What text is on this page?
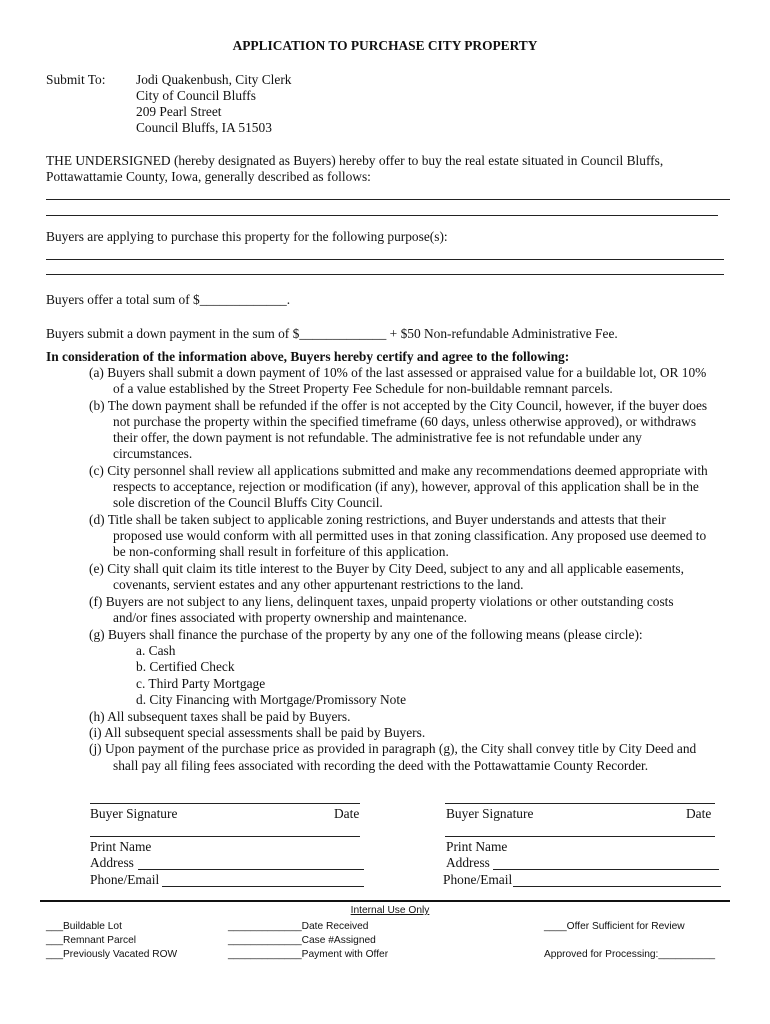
APPLICATION TO PURCHASE CITY PROPERTY
Submit To: Jodi Quakenbush, City Clerk
City of Council Bluffs
209 Pearl Street
Council Bluffs, IA 51503
THE UNDERSIGNED (hereby designated as Buyers) hereby offer to buy the real estate situated in Council Bluffs,
Pottawattamie County, Iowa, generally described as follows:
Buyers are applying to purchase this property for the following purpose(s):
Buyers offer a total sum of $_____________.
Buyers submit a down payment in the sum of $_____________ + $50 Non-refundable Administrative Fee.
In consideration of the information above, Buyers hereby certify and agree to the following:
(a) Buyers shall submit a down payment of 10% of the last assessed or appraised value for a buildable lot, OR 10%
of a value established by the Street Property Fee Schedule for non-buildable remnant parcels.
(b) The down payment shall be refunded if the offer is not accepted by the City Council, however, if the buyer does
not purchase the property within the specified timeframe (60 days, unless otherwise approved), or withdraws
their offer, the down payment is not refundable. The administrative fee is not refundable under any
circumstances.
(c) City personnel shall review all applications submitted and make any recommendations deemed appropriate with
respects to acceptance, rejection or modification (if any), however, approval of this application shall be in the
sole discretion of the Council Bluffs City Council.
(d) Title shall be taken subject to applicable zoning restrictions, and Buyer understands and attests that their
proposed use would conform with all permitted uses in that zoning classification. Any proposed use deemed to
be non-conforming shall result in forfeiture of this application.
(e) City shall quit claim its title interest to the Buyer by City Deed, subject to any and all applicable easements,
covenants, servient estates and any other appurtenant restrictions to the land.
(f) Buyers are not subject to any liens, delinquent taxes, unpaid property violations or other outstanding costs
and/or fines associated with property ownership and maintenance.
(g) Buyers shall finance the purchase of the property by any one of the following means (please circle):
a. Cash
b. Certified Check
c. Third Party Mortgage
d. City Financing with Mortgage/Promissory Note
(h) All subsequent taxes shall be paid by Buyers.
(i) All subsequent special assessments shall be paid by Buyers.
(j) Upon payment of the purchase price as provided in paragraph (g), the City shall convey title by City Deed and
shall pay all filing fees associated with recording the deed with the Pottawattamie County Recorder.
Buyer Signature	Date
Print Name
Address
Phone/Email
Buyer Signature	Date
Print Name
Address
Phone/Email
Internal Use Only
___Buildable Lot
___Remnant Parcel
___Previously Vacated ROW
_____________Date Received
_____________Case #Assigned
_____________Payment with Offer
____Offer Sufficient for Review
Approved for Processing:__________
